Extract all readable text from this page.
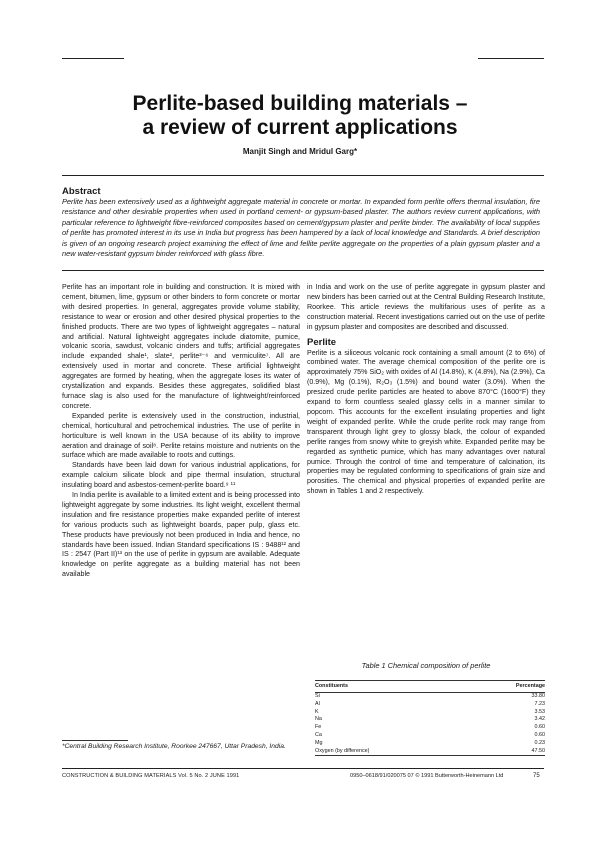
Perlite-based building materials –
a review of current applications
Manjit Singh and Mridul Garg*
Abstract
Perlite has been extensively used as a lightweight aggregate material in concrete or mortar. In expanded form perlite offers thermal insulation, fire resistance and other desirable properties when used in portland cement- or gypsum-based plaster. The authors review current applications, with particular reference to lightweight fibre-reinforced composites based on cement/gypsum plaster and perlite binder. The availability of local supplies of perlite has promoted interest in its use in India but progress has been hampered by a lack of local knowledge and Standards. A brief description is given of an ongoing research project examining the effect of lime and fellite perlite aggregate on the properties of a plain gypsum plaster and a new water-resistant gypsum binder reinforced with glass fibre.

Perlite has an important role in building and construction. It is mixed with cement, bitumen, lime, gypsum or other binders to form concrete or mortar with desired properties. In general, aggregates provide volume stability, resistance to wear or erosion and other desired physical properties to the finished products. There are two types of lightweight aggregates – natural and artificial. Natural lightweight aggregates include diatomite, pumice, volcanic scoria, sawdust, volcanic cinders and tuffs; artificial aggregates include expanded shale¹, slate², perlite³⁻⁶ and vermiculite⁷. All are extensively used in mortar and concrete. These artificial lightweight aggregates are formed by heating, when the aggregate loses its water of crystallization and expands. Besides these aggregates, solidified blast furnace slag is also used for the manufacture of lightweight/reinforced concrete.

Expanded perlite is extensively used in the construction, industrial, chemical, horticultural and petrochemical industries. The use of perlite in horticulture is well known in the USA because of its ability to improve aeration and drainage of soil⁸. Perlite retains moisture and nutrients on the surface which are made available to roots and cuttings.

Standards have been laid down for various industrial applications, for example calcium silicate block and pipe thermal insulation, structural insulating board and asbestos-cement-perlite board.⁹ ¹¹

In India perlite is available to a limited extent and is being processed into lightweight aggregate by some industries. Its light weight, excellent thermal insulation and fire resistance properties make expanded perlite of interest for various products such as lightweight boards, paper pulp, glass etc. These products have previously not been produced in India and hence, no standards have been issued. Indian Standard specifications IS : 9488¹² and IS : 2547 (Part II)¹³ on the use of perlite in gypsum are available. Adequate knowledge on perlite aggregate as a building material has not been available

in India and work on the use of perlite aggregate in gypsum plaster and new binders has been carried out at the Central Building Research Institute, Roorkee. This article reviews the multifarious uses of perlite as a construction material. Recent investigations carried out on the use of perlite in gypsum plaster and composites are described and discussed.

Perlite

Perlite is a siliceous volcanic rock containing a small amount (2 to 6%) of combined water. The average chemical composition of the perlite ore is approximately 75% SiO₂ with oxides of Al (14.8%), K (4.8%), Na (2.9%), Ca (0.9%), Mg (0.1%), R₂O₃ (1.5%) and bound water (3.0%). When the presized crude perlite particles are heated to above 870°C (1600°F) they expand to form countless sealed glassy cells in a manner similar to popcorn. This accounts for the excellent insulating properties and light weight of expanded perlite. While the crude perlite rock may range from transparent through light grey to glossy black, the colour of expanded perlite ranges from snowy white to greyish white. Expanded perlite may be regarded as synthetic pumice, which has many advantages over natural pumice. Through the control of time and temperature of calcination, its properties may be regulated conforming to specifications of grain size and porosities. The chemical and physical properties of expanded perlite are shown in Tables 1 and 2 respectively.

Table 1 Chemical composition of perlite
Constituents	Percentage
Si	33.80
Al	7.23
K	3.53
Na	3.42
Fe	0.60
Ca	0.60
Mg	0.23
Oxygen (by difference)	47.50
*Central Building Research Institute, Roorkee 247667, Uttar Pradesh, India.
CONSTRUCTION & BUILDING MATERIALS Vol. 5 No. 2 JUNE 1991	0950–0618/91/020075 07 © 1991 Butterworth-Heinemann Ltd	75
